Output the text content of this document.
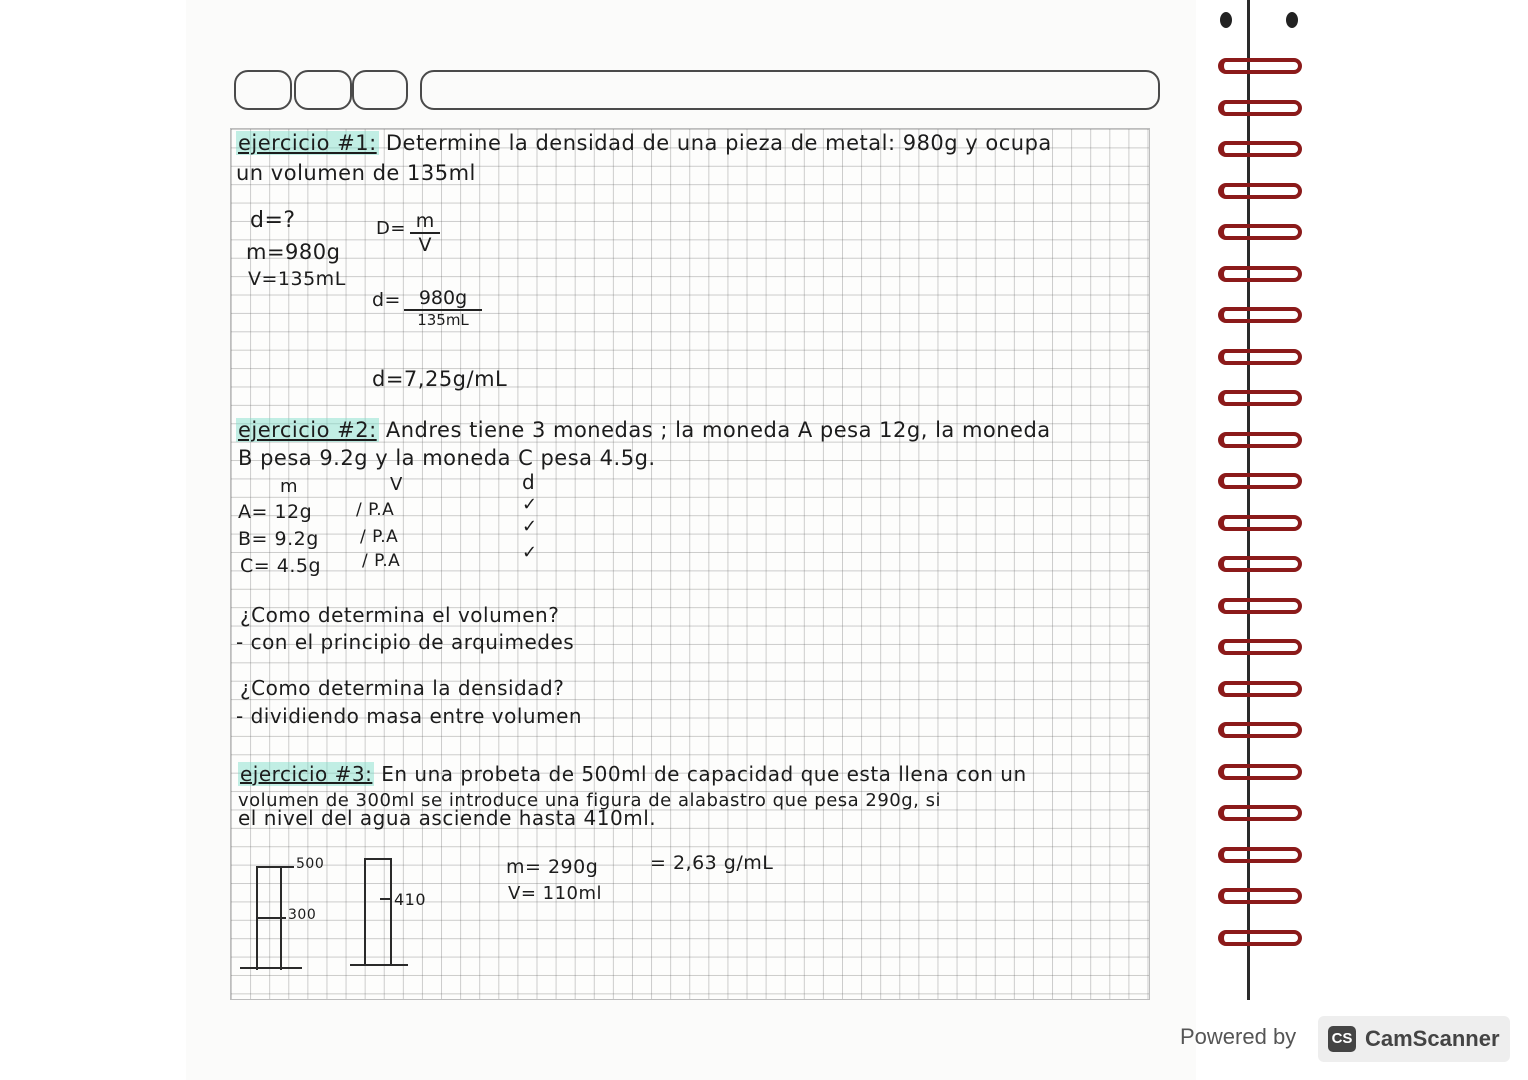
ejercicio #1: Determine la densidad de una pieza de metal: 980g y ocupa
un volumen de 135ml
d=?
m=980g
V=135mL
$D= \frac{m}{V}$
d= 980g
135mL
d=7,25g/mL
ejercicio #2: Andres tiene 3 monedas ; la moneda A pesa 12g, la moneda
B pesa 9.2g y la moneda C pesa 4.5g.
m	V	d
A= 12g	/ P.A	✓
B= 9.2g / P.A	✓
C= 4.5g / P.A	✓
¿Como determina el volumen?
- con el principio de arquimedes
¿Como determina la densidad?
- dividiendo masa entre volumen
ejercicio #3: En una probeta de 500ml de capacidad que esta llena con un
volumen de 300ml se introduce una figura de alabastro que pesa 290g, si
el nivel del agua asciende hasta 410ml.
500
300
410
m= 290g
V= 110ml
= 2,63 g/mL
Powered by CS CamScanner
